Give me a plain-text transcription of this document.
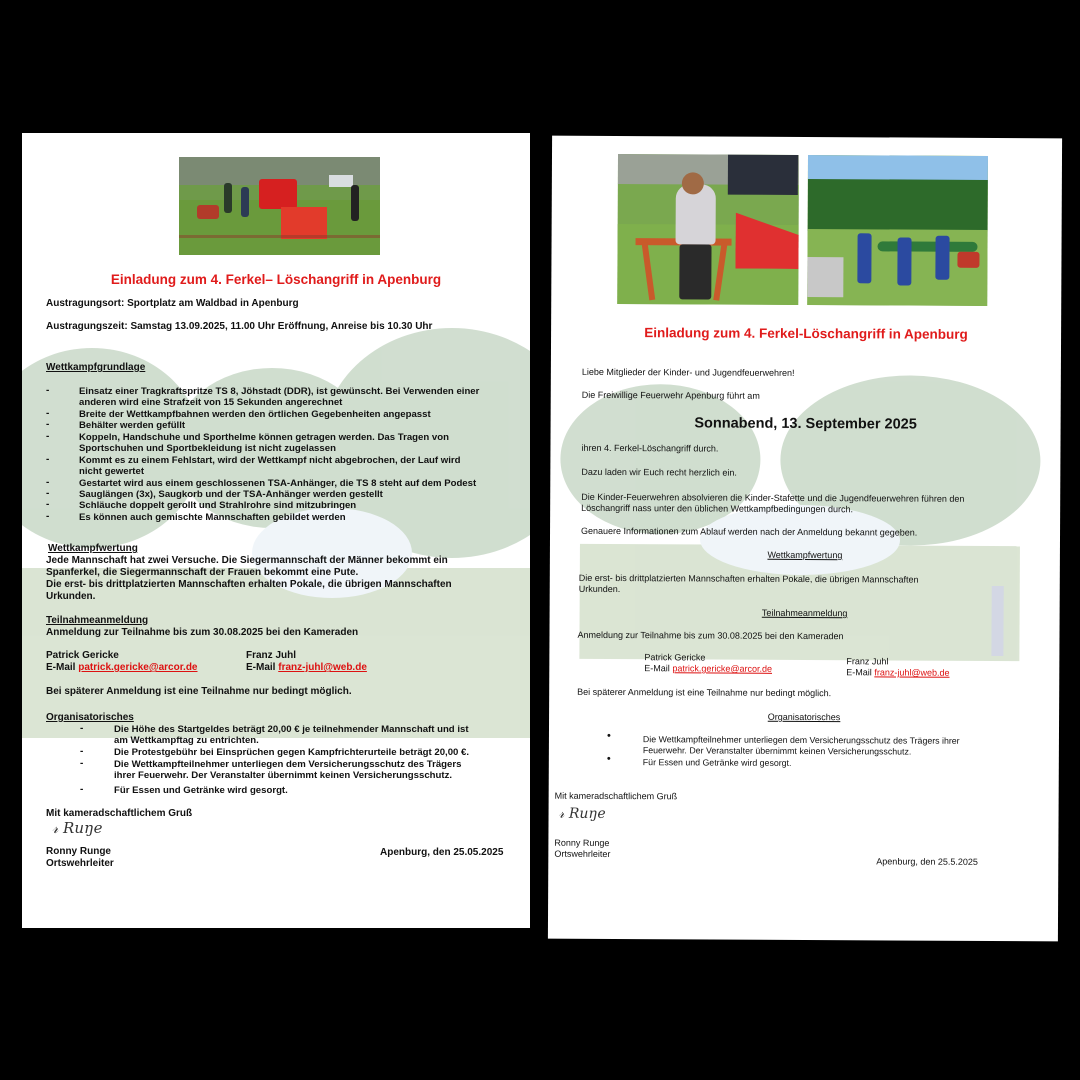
Einladung zum 4. Ferkel– Löschangriff in Apenburg
Austragungsort: Sportplatz am Waldbad in Apenburg
Austragungszeit: Samstag 13.09.2025, 11.00 Uhr Eröffnung, Anreise bis 10.30 Uhr
Wettkampfgrundlage
-	Einsatz einer Tragkraftspritze TS 8, Jöhstadt (DDR), ist gewünscht. Bei Verwenden einer
anderen wird eine Strafzeit von 15 Sekunden angerechnet
-	Breite der Wettkampfbahnen werden den örtlichen Gegebenheiten angepasst
-	Behälter werden gefüllt
-	Koppeln, Handschuhe und Sporthelme können getragen werden. Das Tragen von
Sportschuhen und Sportbekleidung ist nicht zugelassen
-	Kommt es zu einem Fehlstart, wird der Wettkampf nicht abgebrochen, der Lauf wird
nicht gewertet
-	Gestartet wird aus einem geschlossenen TSA-Anhänger, die TS 8 steht auf dem Podest
-	Sauglängen (3x), Saugkorb und der TSA-Anhänger werden gestellt
-	Schläuche doppelt gerollt und Strahlrohre sind mitzubringen
-	Es können auch gemischte Mannschaften gebildet werden
Wettkampfwertung
Jede Mannschaft hat zwei Versuche. Die Siegermannschaft der Männer bekommt ein
Spanferkel, die Siegermannschaft der Frauen bekommt eine Pute.
Die erst- bis drittplatzierten Mannschaften erhalten Pokale, die übrigen Mannschaften
Urkunden.
Teilnahmeanmeldung
Anmeldung zur Teilnahme bis zum 30.08.2025 bei den Kameraden
Patrick Gericke
E-Mail patrick.gericke@arcor.de
Franz Juhl
E-Mail franz-juhl@web.de
Bei späterer Anmeldung ist eine Teilnahme nur bedingt möglich.
Organisatorisches
-	Die Höhe des Startgeldes beträgt 20,00 € je teilnehmender Mannschaft und ist
am Wettkampftag zu entrichten.
-	Die Protestgebühr bei Einsprüchen gegen Kampfrichterurteile beträgt 20,00 €.
-	Die Wettkampfteilnehmer unterliegen dem Versicherungsschutz des Trägers
ihrer Feuerwehr. Der Veranstalter übernimmt keinen Versicherungsschutz.
-	Für Essen und Getränke wird gesorgt.
Mit kameradschaftlichem Gruß
𝓇 Ruŋe
Ronny Runge
Ortswehrleiter
Apenburg, den 25.05.2025
Einladung zum 4. Ferkel-Löschangriff in Apenburg
Liebe Mitglieder der Kinder- und Jugendfeuerwehren!
Die Freiwillige Feuerwehr Apenburg führt am
Sonnabend, 13. September 2025
ihren 4. Ferkel-Löschangriff durch.
Dazu laden wir Euch recht herzlich ein.
Die Kinder-Feuerwehren absolvieren die Kinder-Stafette und die Jugendfeuerwehren führen den
Löschangriff nass unter den üblichen Wettkampfbedingungen durch.
Genauere Informationen zum Ablauf werden nach der Anmeldung bekannt gegeben.
Wettkampfwertung
Die erst- bis drittplatzierten Mannschaften erhalten Pokale, die übrigen Mannschaften
Urkunden.
Teilnahmeanmeldung
Anmeldung zur Teilnahme bis zum 30.08.2025 bei den Kameraden
Patrick Gericke
E-Mail patrick.gericke@arcor.de
Franz Juhl
E-Mail franz-juhl@web.de
Bei späterer Anmeldung ist eine Teilnahme nur bedingt möglich.
Organisatorisches
•	Die Wettkampfteilnehmer unterliegen dem Versicherungsschutz des Trägers ihrer
Feuerwehr. Der Veranstalter übernimmt keinen Versicherungsschutz.
•	Für Essen und Getränke wird gesorgt.
Mit kameradschaftlichem Gruß
𝓇 Ruŋe
Ronny Runge
Ortswehrleiter
Apenburg, den 25.5.2025
